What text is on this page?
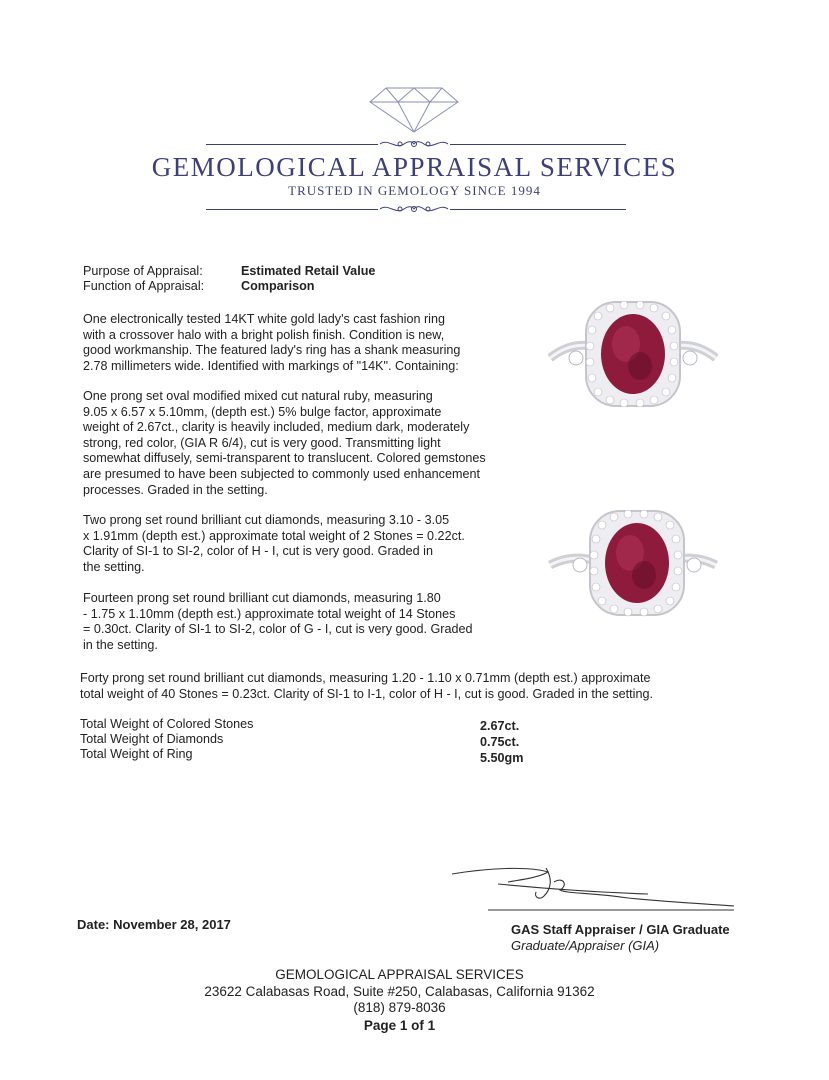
GEMOLOGICAL APPRAISAL SERVICES
TRUSTED IN GEMOLOGY SINCE 1994
Purpose of Appraisal:	Estimated Retail Value
Function of Appraisal:	Comparison
One electronically tested 14KT white gold lady's cast fashion ring
with a crossover halo with a bright polish finish. Condition is new,
good workmanship. The featured lady's ring has a shank measuring
2.78 millimeters wide. Identified with markings of "14K". Containing:
One prong set oval modified mixed cut natural ruby, measuring
9.05 x 6.57 x 5.10mm, (depth est.) 5% bulge factor, approximate
weight of 2.67ct., clarity is heavily included, medium dark, moderately
strong, red color, (GIA R 6/4), cut is very good. Transmitting light
somewhat diffusely, semi-transparent to translucent. Colored gemstones
are presumed to have been subjected to commonly used enhancement
processes. Graded in the setting.
Two prong set round brilliant cut diamonds, measuring 3.10 - 3.05
x 1.91mm (depth est.) approximate total weight of 2 Stones = 0.22ct.
Clarity of SI-1 to SI-2, color of H - I, cut is very good. Graded in
the setting.
Fourteen prong set round brilliant cut diamonds, measuring 1.80
- 1.75 x 1.10mm (depth est.) approximate total weight of 14 Stones
= 0.30ct. Clarity of SI-1 to SI-2, color of G - I, cut is very good. Graded
in the setting.
Forty prong set round brilliant cut diamonds, measuring 1.20 - 1.10 x 0.71mm (depth est.) approximate
total weight of 40 Stones = 0.23ct. Clarity of SI-1 to I-1, color of H - I, cut is good. Graded in the setting.
Total Weight of Colored Stones	2.67ct.
Total Weight of Diamonds	0.75ct.
Total Weight of Ring	5.50gm
Date: November 28, 2017	GAS Staff Appraiser / GIA Graduate
Graduate/Appraiser (GIA)
GEMOLOGICAL APPRAISAL SERVICES
23622 Calabasas Road, Suite #250, Calabasas, California 91362
(818) 879-8036
Page 1 of 1
